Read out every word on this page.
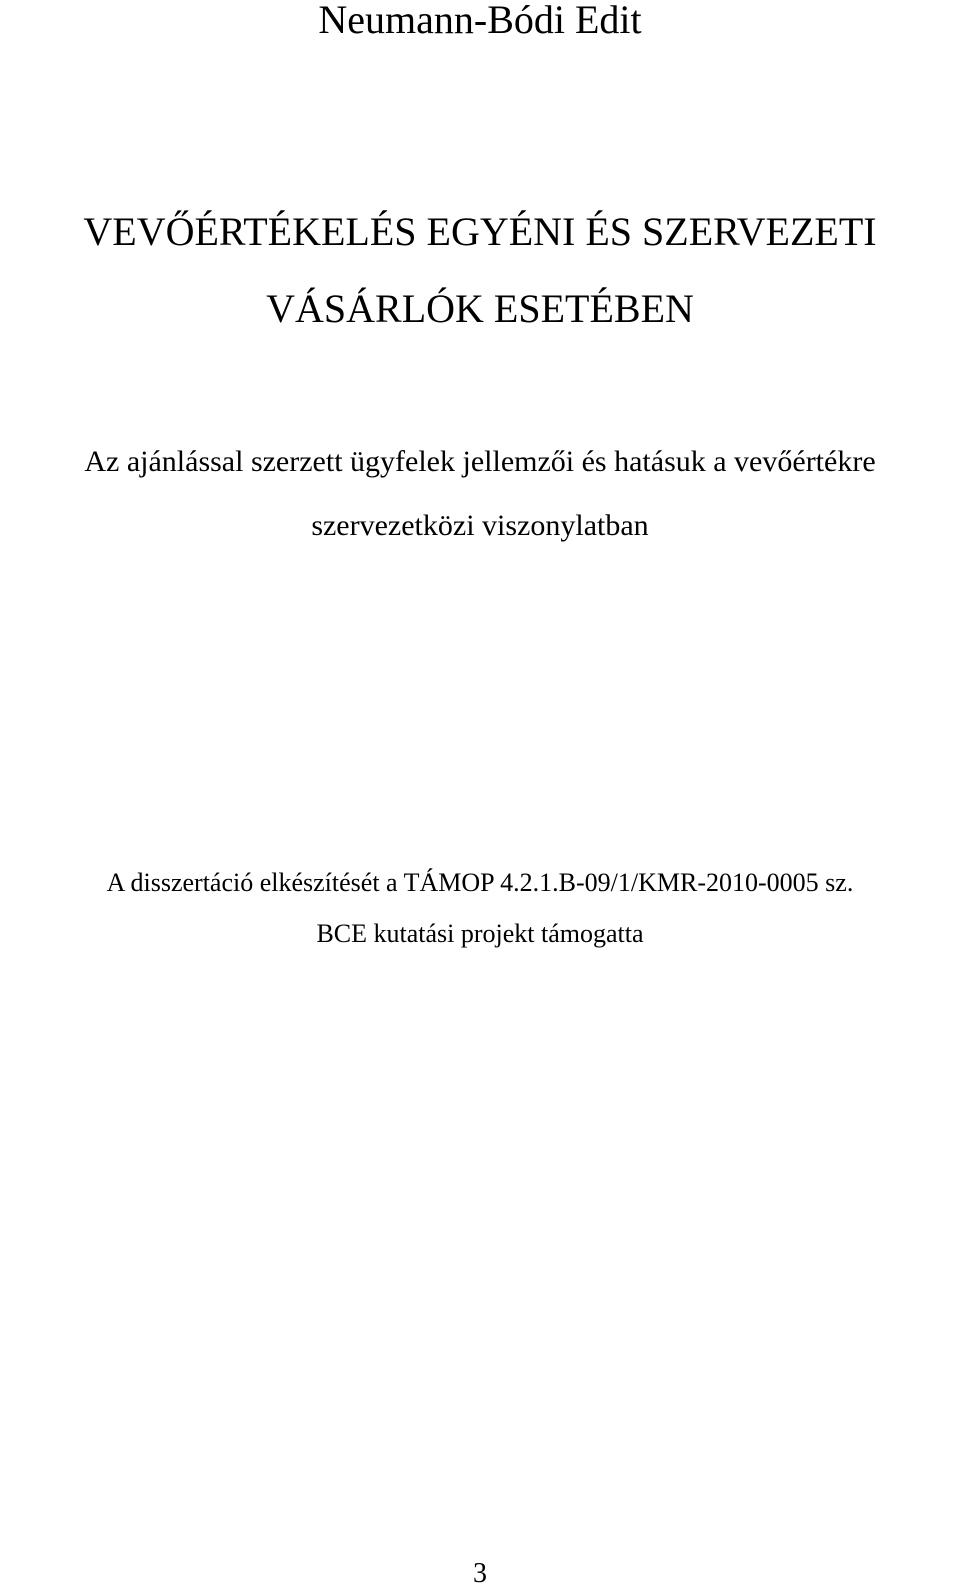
Neumann-Bódi Edit

VEVŐÉRTÉKELÉS EGYÉNI ÉS SZERVEZETI

VÁSÁRLÓK ESETÉBEN

Az ajánlással szerzett ügyfelek jellemzői és hatásuk a vevőértékre

szervezetközi viszonylatban

A disszertáció elkészítését a TÁMOP 4.2.1.B-09/1/KMR-2010-0005 sz.

BCE kutatási projekt támogatta

3
